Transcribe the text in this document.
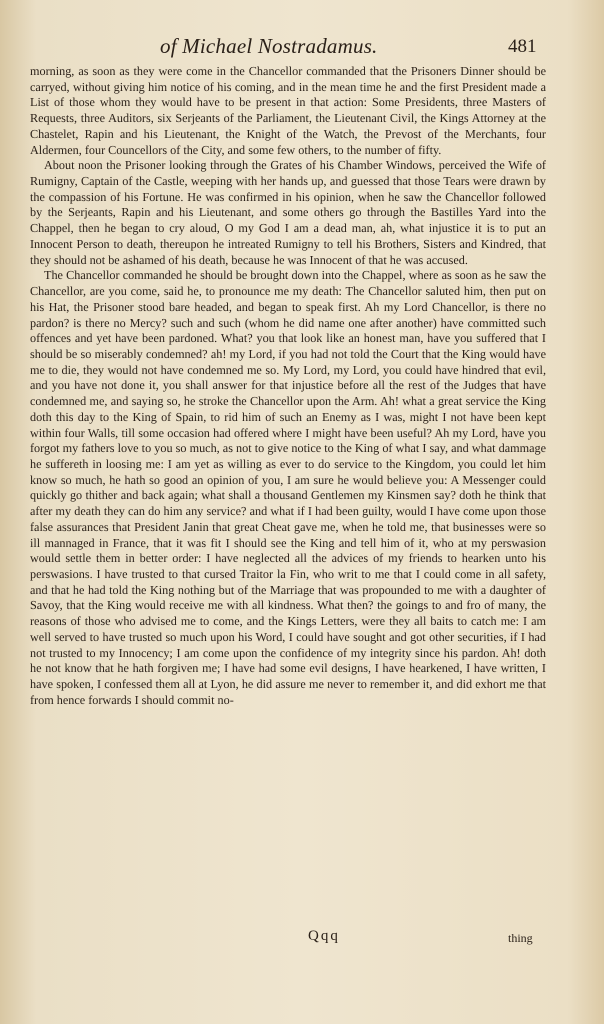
of Michael Nostradamus.	481

morning, as soon as they were come in the Chancellor commanded that the Prisoners Dinner should be carryed, without giving him notice of his coming, and in the mean time he and the first President made a List of those whom they would have to be present in that action: Some Presidents, three Masters of Requests, three Auditors, six Serjeants of the Parliament, the Lieutenant Civil, the Kings Attorney at the Chastelet, Rapin and his Lieutenant, the Knight of the Watch, the Prevost of the Merchants, four Aldermen, four Councellors of the City, and some few others, to the number of fifty.

About noon the Prisoner looking through the Grates of his Chamber Windows, perceived the Wife of Rumigny, Captain of the Castle, weeping with her hands up, and guessed that those Tears were drawn by the compassion of his Fortune. He was confirmed in his opinion, when he saw the Chancellor followed by the Serjeants, Rapin and his Lieutenant, and some others go through the Bastilles Yard into the Chappel, then he began to cry aloud, O my God I am a dead man, ah, what injustice it is to put an Innocent Person to death, thereupon he intreated Rumigny to tell his Brothers, Sisters and Kindred, that they should not be ashamed of his death, because he was Innocent of that he was accused.

The Chancellor commanded he should be brought down into the Chappel, where as soon as he saw the Chancellor, are you come, said he, to pronounce me my death: The Chancellor saluted him, then put on his Hat, the Prisoner stood bare headed, and began to speak first. Ah my Lord Chancellor, is there no pardon? is there no Mercy? such and such (whom he did name one after another) have committed such offences and yet have been pardoned. What? you that look like an honest man, have you suffered that I should be so miserably condemned? ah! my Lord, if you had not told the Court that the King would have me to die, they would not have condemned me so. My Lord, my Lord, you could have hindred that evil, and you have not done it, you shall answer for that injustice before all the rest of the Judges that have condemned me, and saying so, he stroke the Chancellor upon the Arm. Ah! what a great service the King doth this day to the King of Spain, to rid him of such an Enemy as I was, might I not have been kept within four Walls, till some occasion had offered where I might have been useful? Ah my Lord, have you forgot my fathers love to you so much, as not to give notice to the King of what I say, and what dammage he suffereth in loosing me: I am yet as willing as ever to do service to the Kingdom, you could let him know so much, he hath so good an opinion of you, I am sure he would believe you: A Messenger could quickly go thither and back again; what shall a thousand Gentlemen my Kinsmen say? doth he think that after my death they can do him any service? and what if I had been guilty, would I have come upon those false assurances that President Janin that great Cheat gave me, when he told me, that businesses were so ill mannaged in France, that it was fit I should see the King and tell him of it, who at my perswasion would settle them in better order: I have neglected all the advices of my friends to hearken unto his perswasions. I have trusted to that cursed Traitor la Fin, who writ to me that I could come in all safety, and that he had told the King nothing but of the Marriage that was propounded to me with a daughter of Savoy, that the King would receive me with all kindness. What then? the goings to and fro of many, the reasons of those who advised me to come, and the Kings Letters, were they all baits to catch me: I am well served to have trusted so much upon his Word, I could have sought and got other securities, if I had not trusted to my Innocency; I am come upon the confidence of my integrity since his pardon. Ah! doth he not know that he hath forgiven me; I have had some evil designs, I have hearkened, I have written, I have spoken, I confessed them all at Lyon, he did assure me never to remember it, and did exhort me that from hence forwards I should commit no-

Qqq	thing
